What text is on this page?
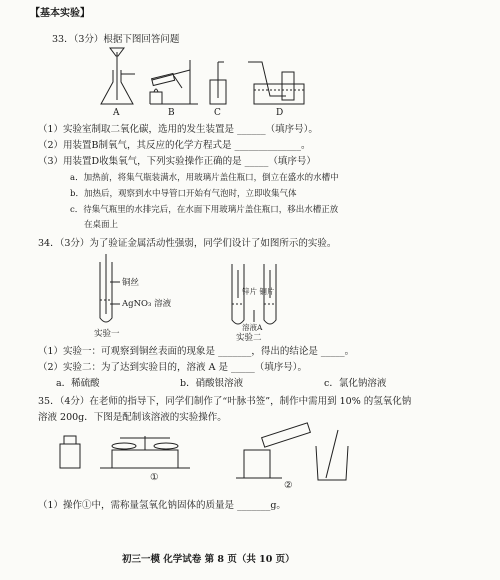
【基本实验】
33．（3分）根据下图回答问题
A	B	C	D
（1）实验室制取二氧化碳，选用的发生装置是 ______（填序号）。
（2）用装置B制氧气，其反应的化学方程式是 ______________。
（3）用装置D收集氧气，下列实验操作正确的是 _____（填序号）
a．加热前，将集气瓶装满水，用玻璃片盖住瓶口，倒立在盛水的水槽中
b．加热后，观察到水中导管口开始有气泡时，立即收集气体
c．待集气瓶里的水排完后，在水面下用玻璃片盖住瓶口，移出水槽正放
在桌面上
34．（3分）为了验证金属活动性强弱，同学们设计了如图所示的实验。
铜丝
AgNO₃ 溶液
锌片 铜片
溶液A
实验一	实验二
（1）实验一：可观察到铜丝表面的现象是 _______，得出的结论是 _____。
（2）实验二：为了达到实验目的，溶液 A 是 _____（填序号）。
a．稀硫酸	b．硝酸银溶液	c．氯化钠溶液
35．（4分）在老师的指导下，同学们制作了“叶脉书签”，制作中需用到 10% 的氢氧化钠
溶液 200g．下图是配制该溶液的实验操作。
①
②
（1）操作①中，需称量氢氧化钠固体的质量是 _______g。
初三一模 化学试卷 第 8 页（共 10 页）
